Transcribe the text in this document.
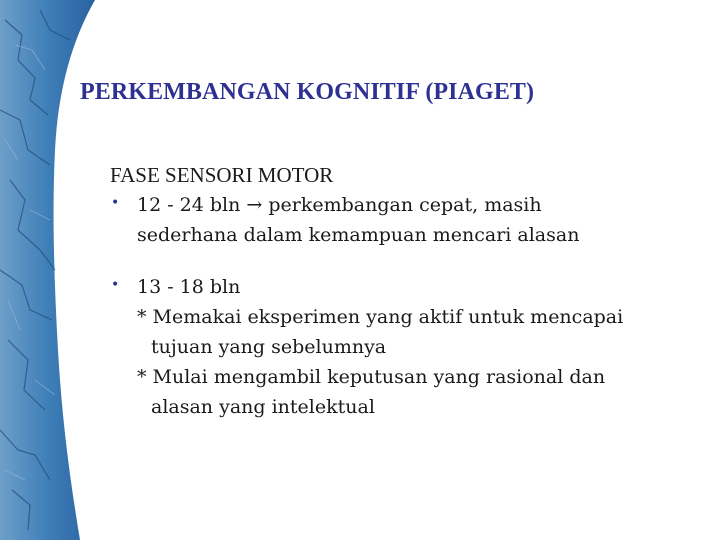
PERKEMBANGAN KOGNITIF (PIAGET)

FASE SENSORI MOTOR

• 12 - 24 bln → perkembangan cepat, masih
sederhana dalam kemampuan mencari alasan
• 13 - 18 bln
* Memakai eksperimen yang aktif untuk mencapai
tujuan yang sebelumnya
* Mulai mengambil keputusan yang rasional dan
alasan yang intelektual
